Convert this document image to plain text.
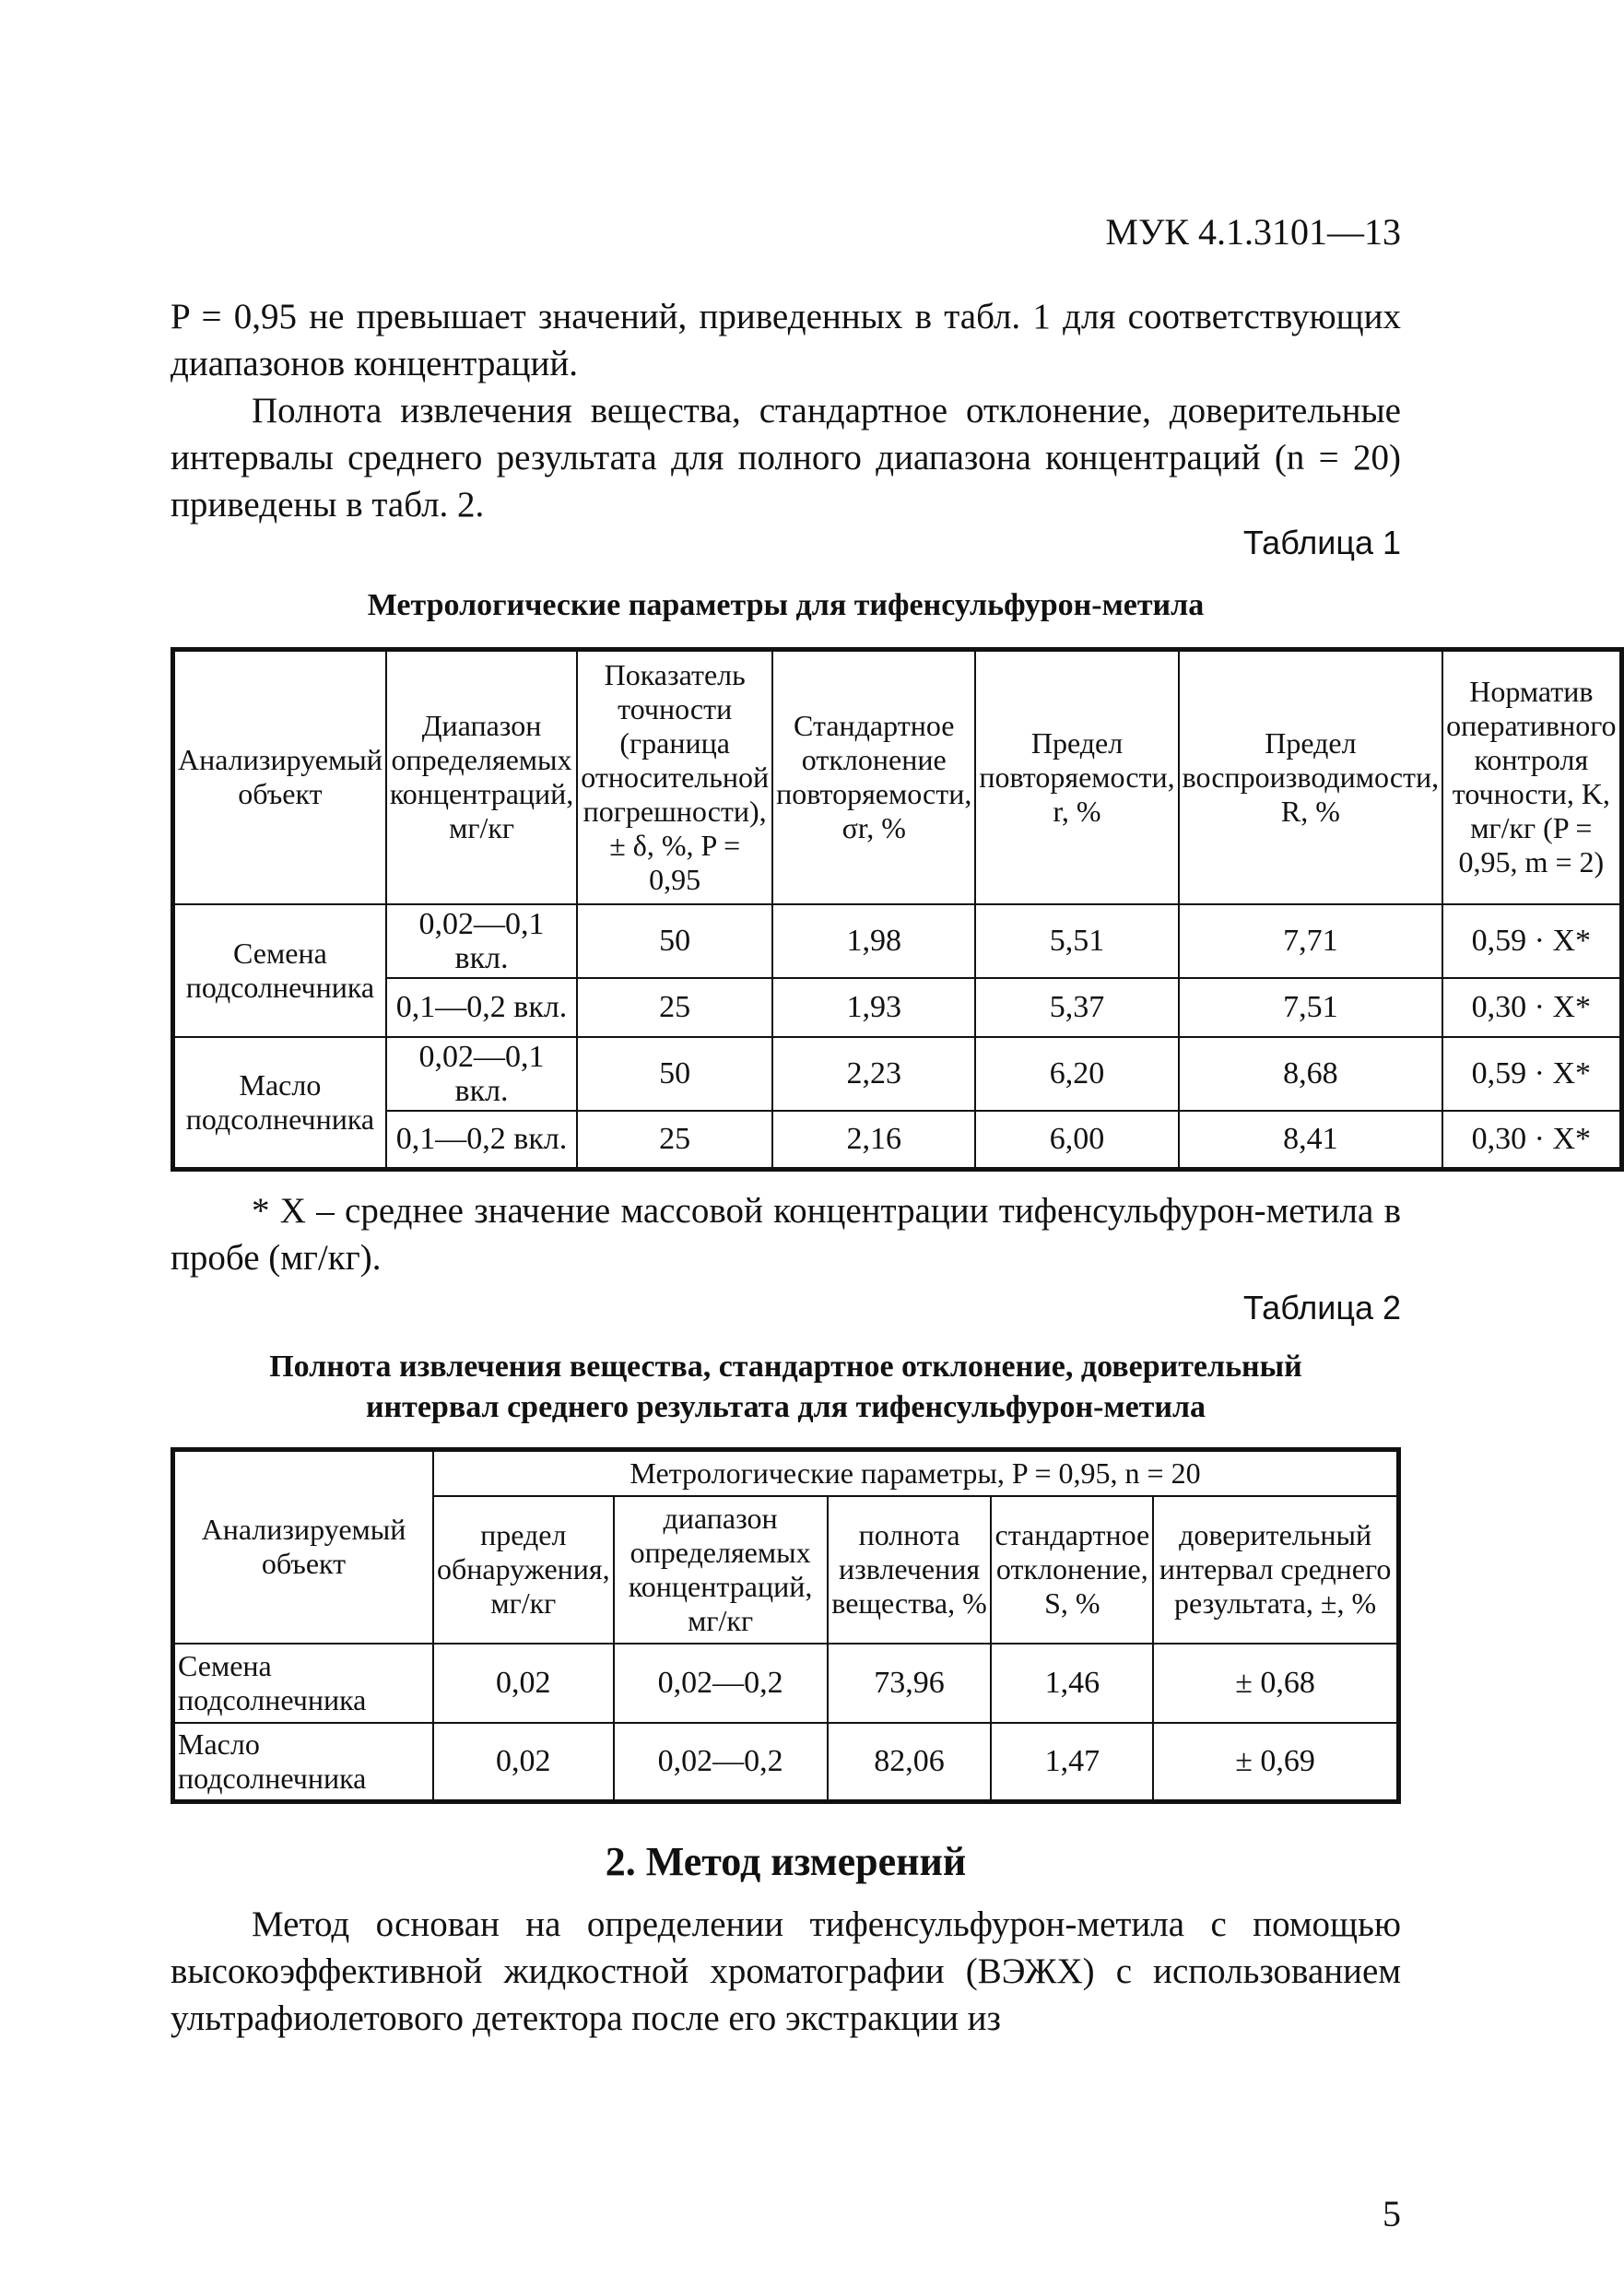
МУК 4.1.3101—13

P = 0,95 не превышает значений, приведенных в табл. 1 для соответствующих диапазонов концентраций.

Полнота извлечения вещества, стандартное отклонение, доверительные интервалы среднего результата для полного диапазона концентраций (n = 20) приведены в табл. 2.

Таблица 1
Метрологические параметры для тифенсульфурон-метила
Анализируемый объект	Диапазон определяемых концентраций, мг/кг	Показатель точности (граница относительной погрешности), ± δ, %, P = 0,95	Стандартное отклонение повторяемости, σr, %	Предел повторяемости, r, %	Предел воспроизводимости, R, %	Норматив оперативного контроля точности, K, мг/кг (P = 0,95, m = 2)
Семена подсолнечника	0,02—0,1 вкл.	50	1,98	5,51	7,71	0,59 · X*
	0,1—0,2 вкл.	25	1,93	5,37	7,51	0,30 · X*
Масло подсолнечника	0,02—0,1 вкл.	50	2,23	6,20	8,68	0,59 · X*
	0,1—0,2 вкл.	25	2,16	6,00	8,41	0,30 · X*

* X – среднее значение массовой концентрации тифенсульфурон-метила в пробе (мг/кг).

Таблица 2
Полнота извлечения вещества, стандартное отклонение, доверительный
интервал среднего результата для тифенсульфурон-метила
Анализируемый объект	Метрологические параметры, P = 0,95, n = 20				
	предел обнаружения, мг/кг	диапазон определяемых концентраций, мг/кг	полнота извлечения вещества, %	стандартное отклонение, S, %	доверительный интервал среднего результата, ±, %
Семена подсолнечника	0,02	0,02—0,2	73,96	1,46	± 0,68
Масло подсолнечника	0,02	0,02—0,2	82,06	1,47	± 0,69
2. Метод измерений

Метод основан на определении тифенсульфурон-метила с помощью высокоэффективной жидкостной хроматографии (ВЭЖХ) с использованием ультрафиолетового детектора после его экстракции из

5
